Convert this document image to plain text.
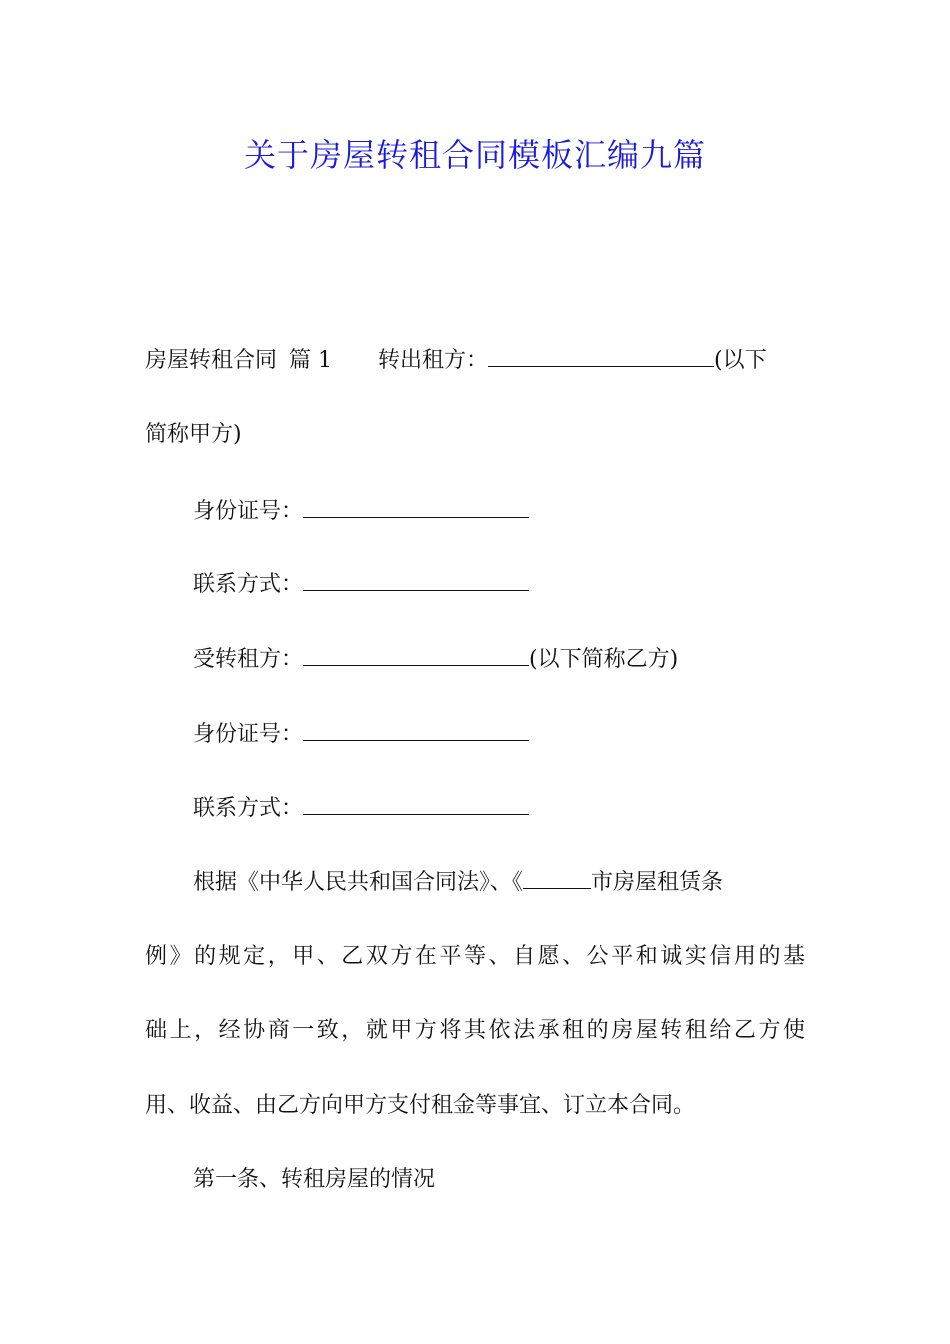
关于房屋转租合同模板汇编九篇
房屋转租合同 篇 1 转出租方：	(以下
简称甲方)
身份证号：
联系方式：
受转租方：	(以下简称乙方)
身份证号：
联系方式：
根据《中华人民共和国合同法》、《	市房屋租赁条
例》的规定，甲、乙双方在平等、自愿、公平和诚实信用的基
础上，经协商一致，就甲方将其依法承租的房屋转租给乙方使
用、收益、由乙方向甲方支付租金等事宜、订立本合同。
第一条、转租房屋的情况
